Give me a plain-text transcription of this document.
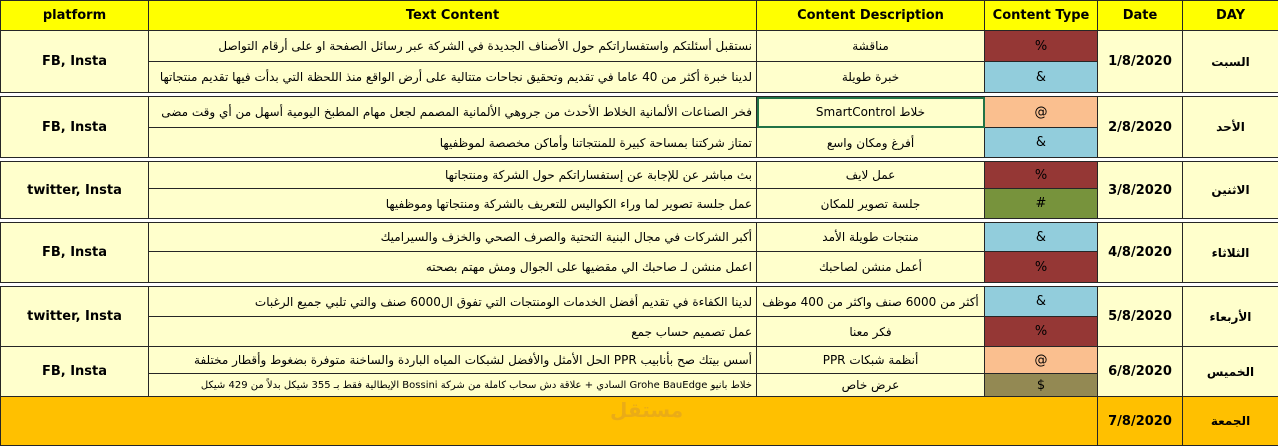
platform	Text Content	Content Description	Content Type	Date	DAY
FB, Insta	نستقبل أسئلتكم واستفساراتكم حول الأصناف الجديدة في الشركة عبر رسائل الصفحة او على أرقام التواصل	مناقشة	%	1/8/2020	السبت
	لدينا خبرة أكثر من 40 عاما في تقديم وتحقيق نجاحات متتالية على أرض الواقع منذ اللحظة التي بدأت فيها تقديم منتجاتها	خبرة طويلة	&		

FB, Insta	فخر الصناعات الألمانية الخلاط الأحدث من جروهي الألمانية المصمم لجعل مهام المطبخ اليومية أسهل من أي وقت مضى	خلاط SmartControl	@	2/8/2020	الأحد
	تمتاز شركتنا بمساحة كبيرة للمنتجاتنا وأماكن مخصصة لموظفيها	أفرغ ومكان واسع	&		

twitter, Insta	بث مباشر عن للإجابة عن إستفساراتكم حول الشركة ومنتجاتها	عمل لايف	%	3/8/2020	الاثنين
	عمل جلسة تصوير لما وراء الكواليس للتعريف بالشركة ومنتجاتها وموظفيها	جلسة تصوير للمكان	#		

FB, Insta	أكبر الشركات في مجال البنية التحتية والصرف الصحي والخزف والسيراميك	منتجات طويلة الأمد	&	4/8/2020	الثلاثاء
	اعمل منشن لـ صاحبك الي مقضيها على الجوال ومش مهتم بصحته	أعمل منشن لصاحبك	%		

twitter, Insta	لدينا الكفاءة في تقديم أفضل الخدمات الومنتجات التي تفوق ال6000 صنف والتي تلبي جميع الرغبات	أكثر من 6000 صنف واكثر من 400 موظف	&	5/8/2020	الأربعاء
	عمل تصميم حساب جمع	فكر معنا	%		
FB, Insta	أسس بيتك صح بأنابيب PPR الحل الأمثل والأفضل لشبكات المياه الباردة والساخنة متوفرة بضغوط وأقطار مختلفة	أنظمة شبكات PPR	@	6/8/2020	الخميس
	خلاط بانيو Grohe BauEdge السادي + علاقة دش سحاب كاملة من شركة Bossini الإيطالية فقط بـ 355 شيكل بدلاً من 429 شيكل	عرض خاص	$		
				7/8/2020	الجمعة
مستقل
